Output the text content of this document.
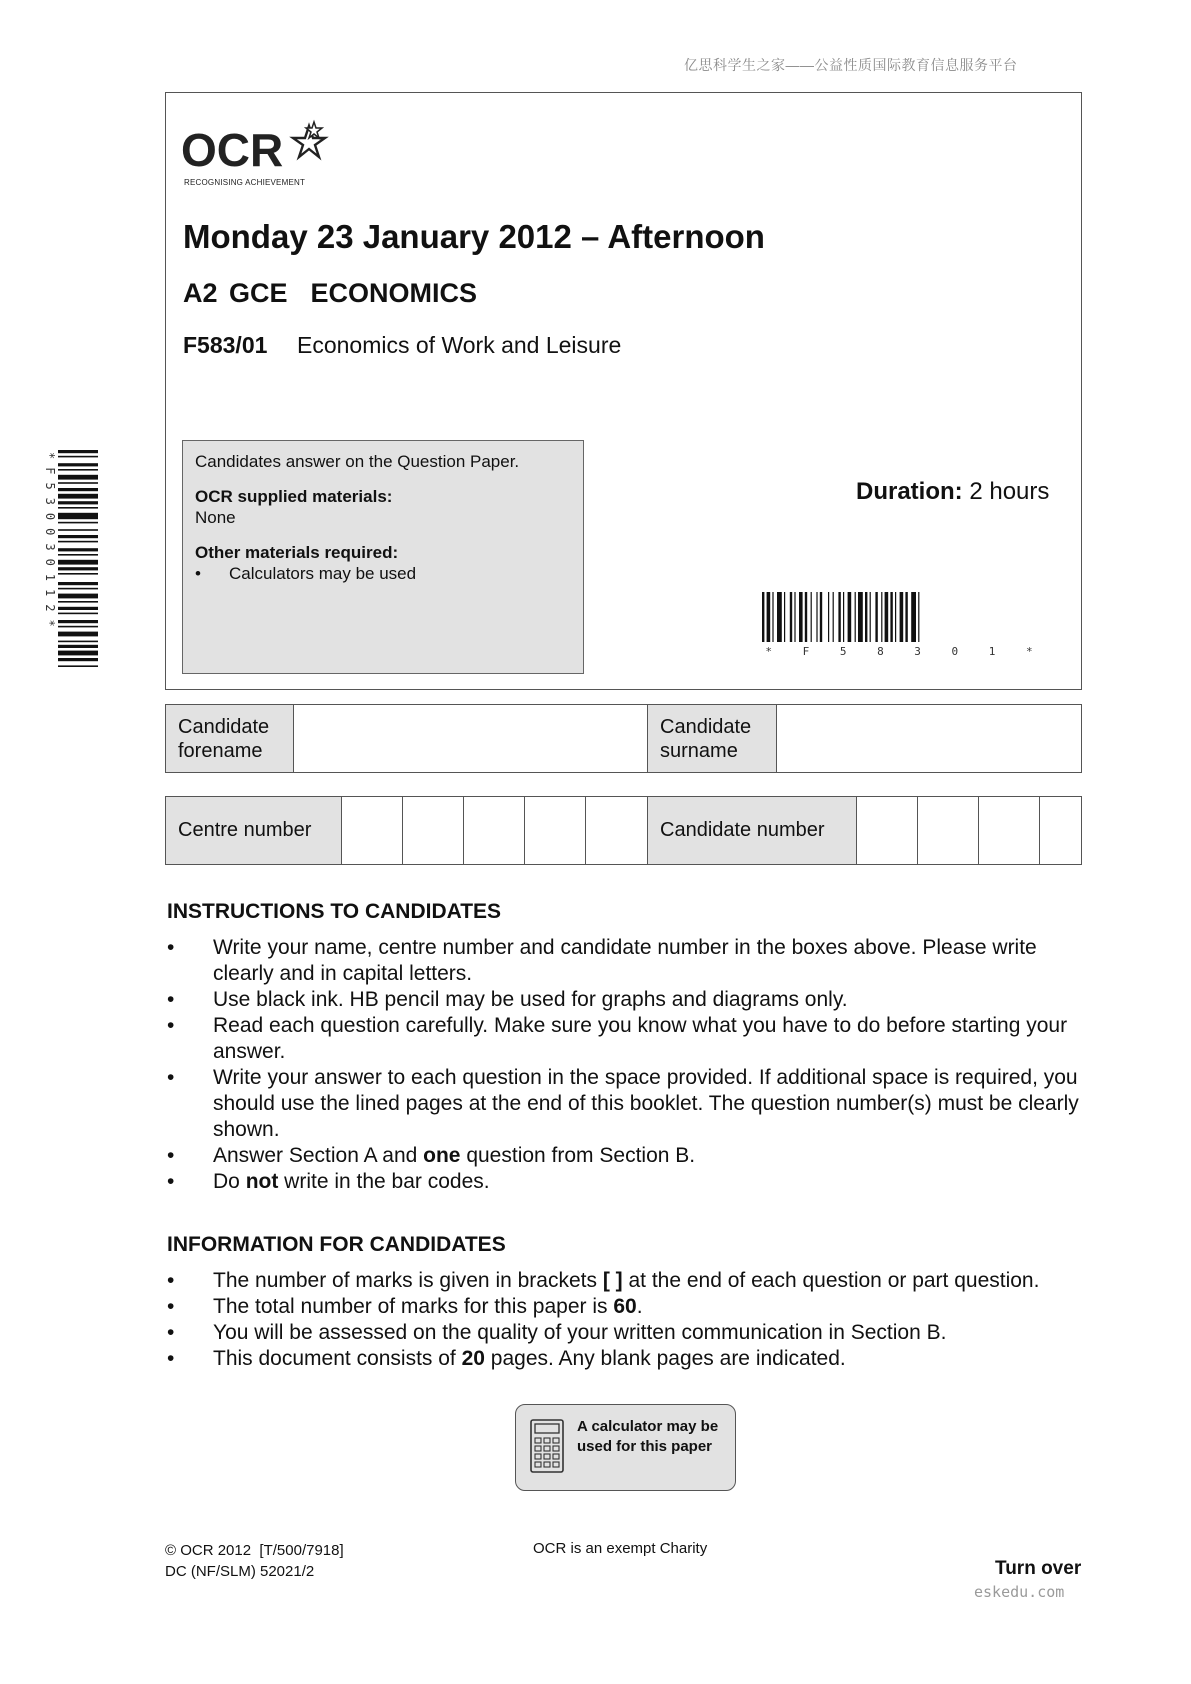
亿思科学生之家——公益性质国际教育信息服务平台
OCR
RECOGNISING ACHIEVEMENT
Monday 23 January 2012 – Afternoon
A2 GCE  ECONOMICS
F583/01 Economics of Work and Leisure
Candidates answer on the Question Paper.
OCR supplied materials:
None
Other materials required:
•	Calculators may be used
Duration: 2 hours
* F 5 8 3 0 1 *
*F530030112*
Candidate forename
Candidate surname
Centre number	Candidate number
INSTRUCTIONS TO CANDIDATES
•	Write your name, centre number and candidate number in the boxes above. Please write clearly and in capital letters.
•	Use black ink. HB pencil may be used for graphs and diagrams only.
•	Read each question carefully. Make sure you know what you have to do before starting your answer.
•	Write your answer to each question in the space provided. If additional space is required, you should use the lined pages at the end of this booklet. The question number(s) must be clearly shown.
•	Answer Section A and one question from Section B.
•	Do not write in the bar codes.
INFORMATION FOR CANDIDATES
•	The number of marks is given in brackets [ ] at the end of each question or part question.
•	The total number of marks for this paper is 60.
•	You will be assessed on the quality of your written communication in Section B.
•	This document consists of 20 pages. Any blank pages are indicated.
A calculator may be used for this paper
© OCR 2012  [T/500/7918]
DC (NF/SLM) 52021/2
OCR is an exempt Charity
Turn over
eskedu.com
